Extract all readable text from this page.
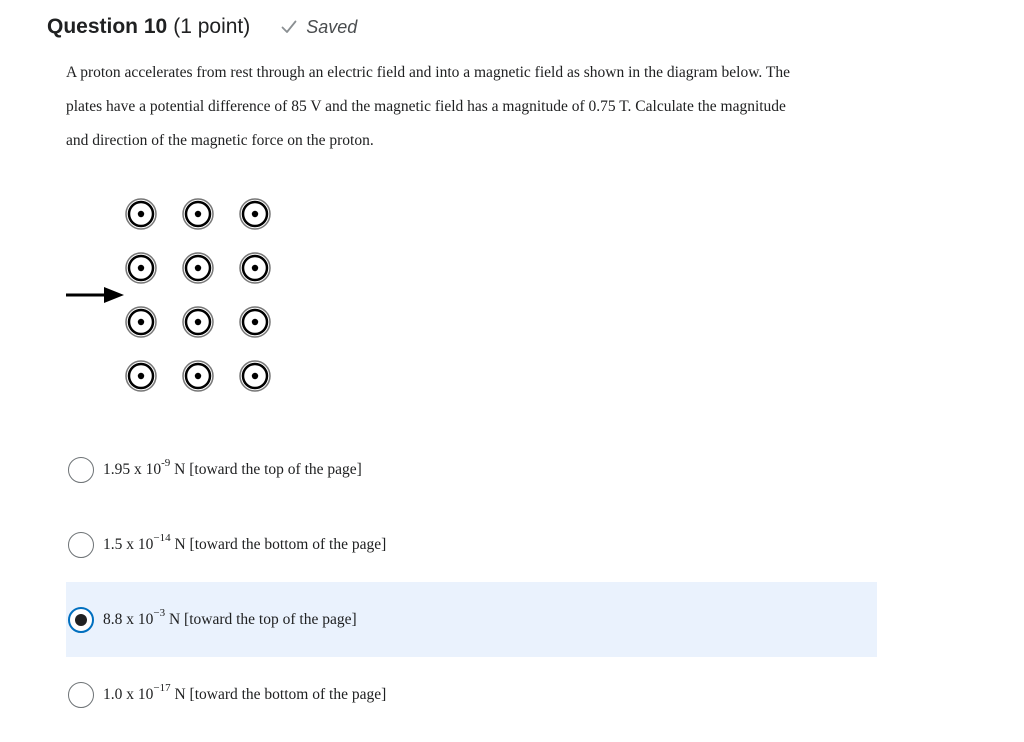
Question 10 (1 point)	Saved
A proton accelerates from rest through an electric field and into a magnetic field as shown in the diagram below. The
plates have a potential difference of 85 V and the magnetic field has a magnitude of 0.75 T. Calculate the magnitude
and direction of the magnetic force on the proton.
1.95 x $10^{-9}$ N [toward the top of the page]
1.5 x $10^{-14}$ N [toward the bottom of the page]
8.8 x $10^{-3}$ N [toward the top of the page]
1.0 x $10^{-17}$ N [toward the bottom of the page]
